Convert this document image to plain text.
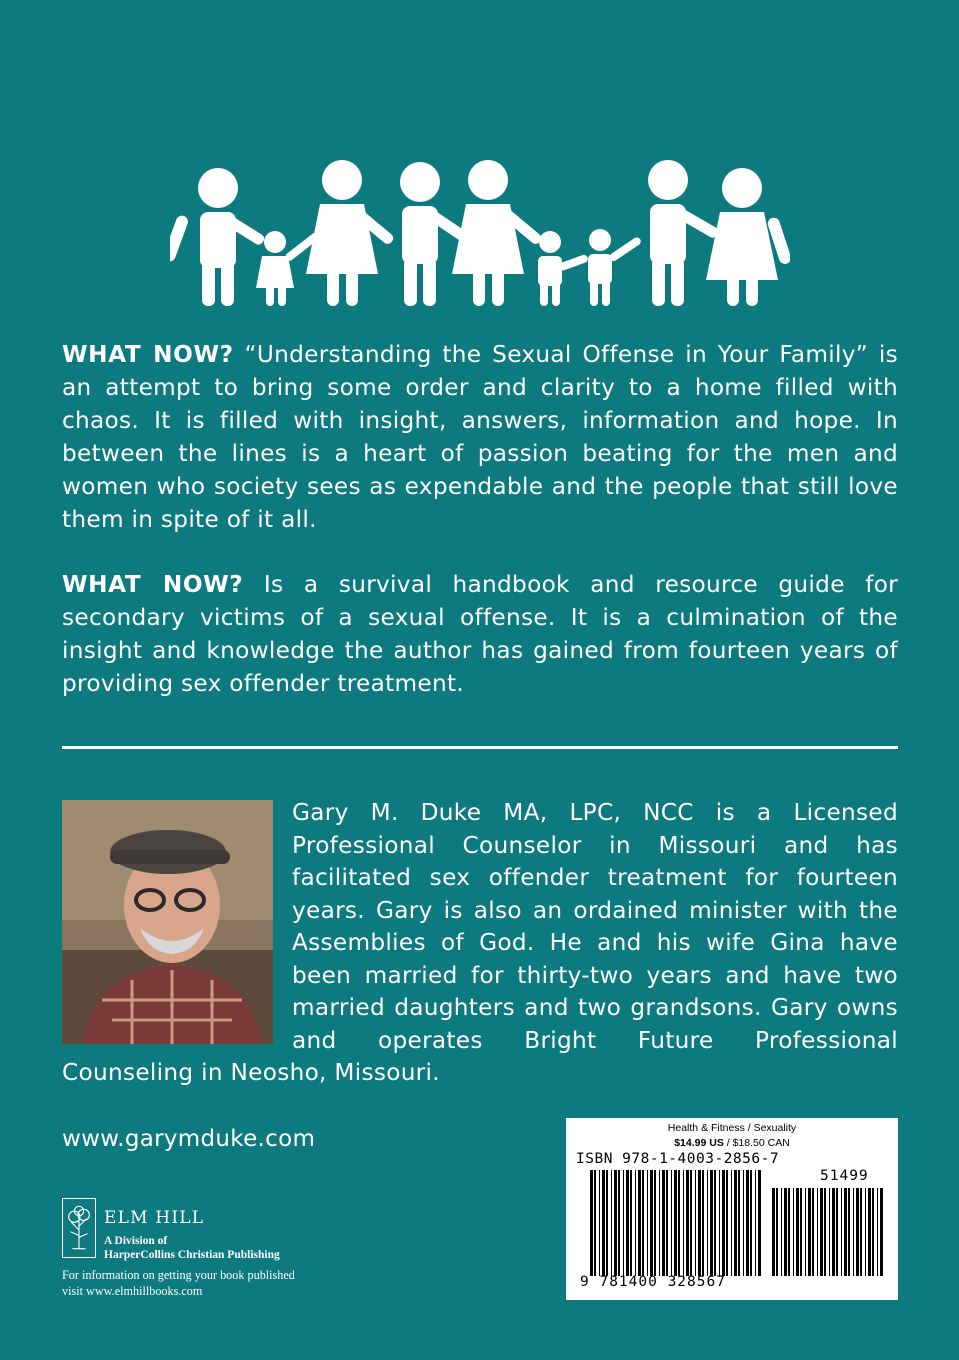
WHAT NOW? “Understanding the Sexual Offense in Your Family” is an attempt to bring some order and clarity to a home filled with chaos. It is filled with insight, answers, information and hope. In between the lines is a heart of passion beating for the men and women who society sees as expendable and the people that still love them in spite of it all.

WHAT NOW? Is a survival handbook and resource guide for secondary victims of a sexual offense. It is a culmination of the insight and knowledge the author has gained from fourteen years of providing sex offender treatment.

Gary M. Duke MA, LPC, NCC is a Licensed Professional Counselor in Missouri and has facilitated sex offender treatment for fourteen years. Gary is also an ordained minister with the Assemblies of God. He and his wife Gina have been married for thirty-two years and have two married daughters and two grandsons. Gary owns and operates Bright Future Professional Counseling in Neosho, Missouri.

www.garymduke.com
ELM HILL
A Division of
HarperCollins Christian Publishing
For information on getting your book published
visit www.elmhillbooks.com
Health & Fitness / Sexuality
$14.99 US / $18.50 CAN
ISBN 978-1-4003-2856-7
51499
9 781400 328567
